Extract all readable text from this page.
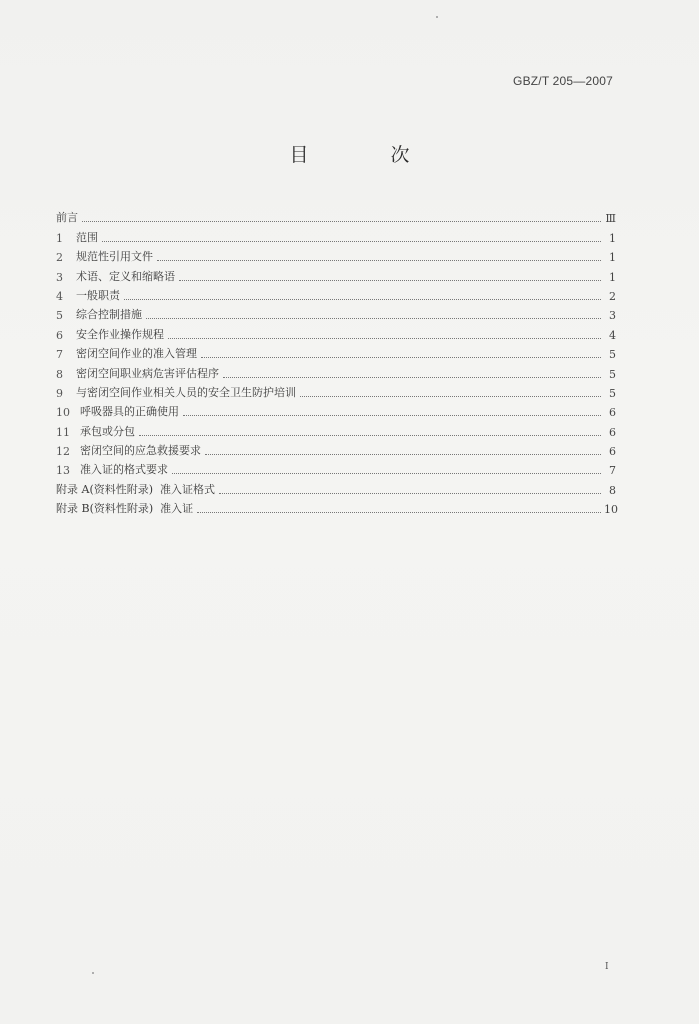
GBZ/T 205—2007
目 次
前言	Ⅲ
1	范围	1
2	规范性引用文件	1
3	术语、定义和缩略语	1
4	一般职责	2
5	综合控制措施	3
6	安全作业操作规程	4
7	密闭空间作业的准入管理	5
8	密闭空间职业病危害评估程序	5
9	与密闭空间作业相关人员的安全卫生防护培训	5
10 呼吸器具的正确使用	6
11 承包或分包	6
12 密闭空间的应急救援要求	6
13 准入证的格式要求	7
附录 A(资料性附录)  准入证格式	8
附录 B(资料性附录)  准入证	10
I
